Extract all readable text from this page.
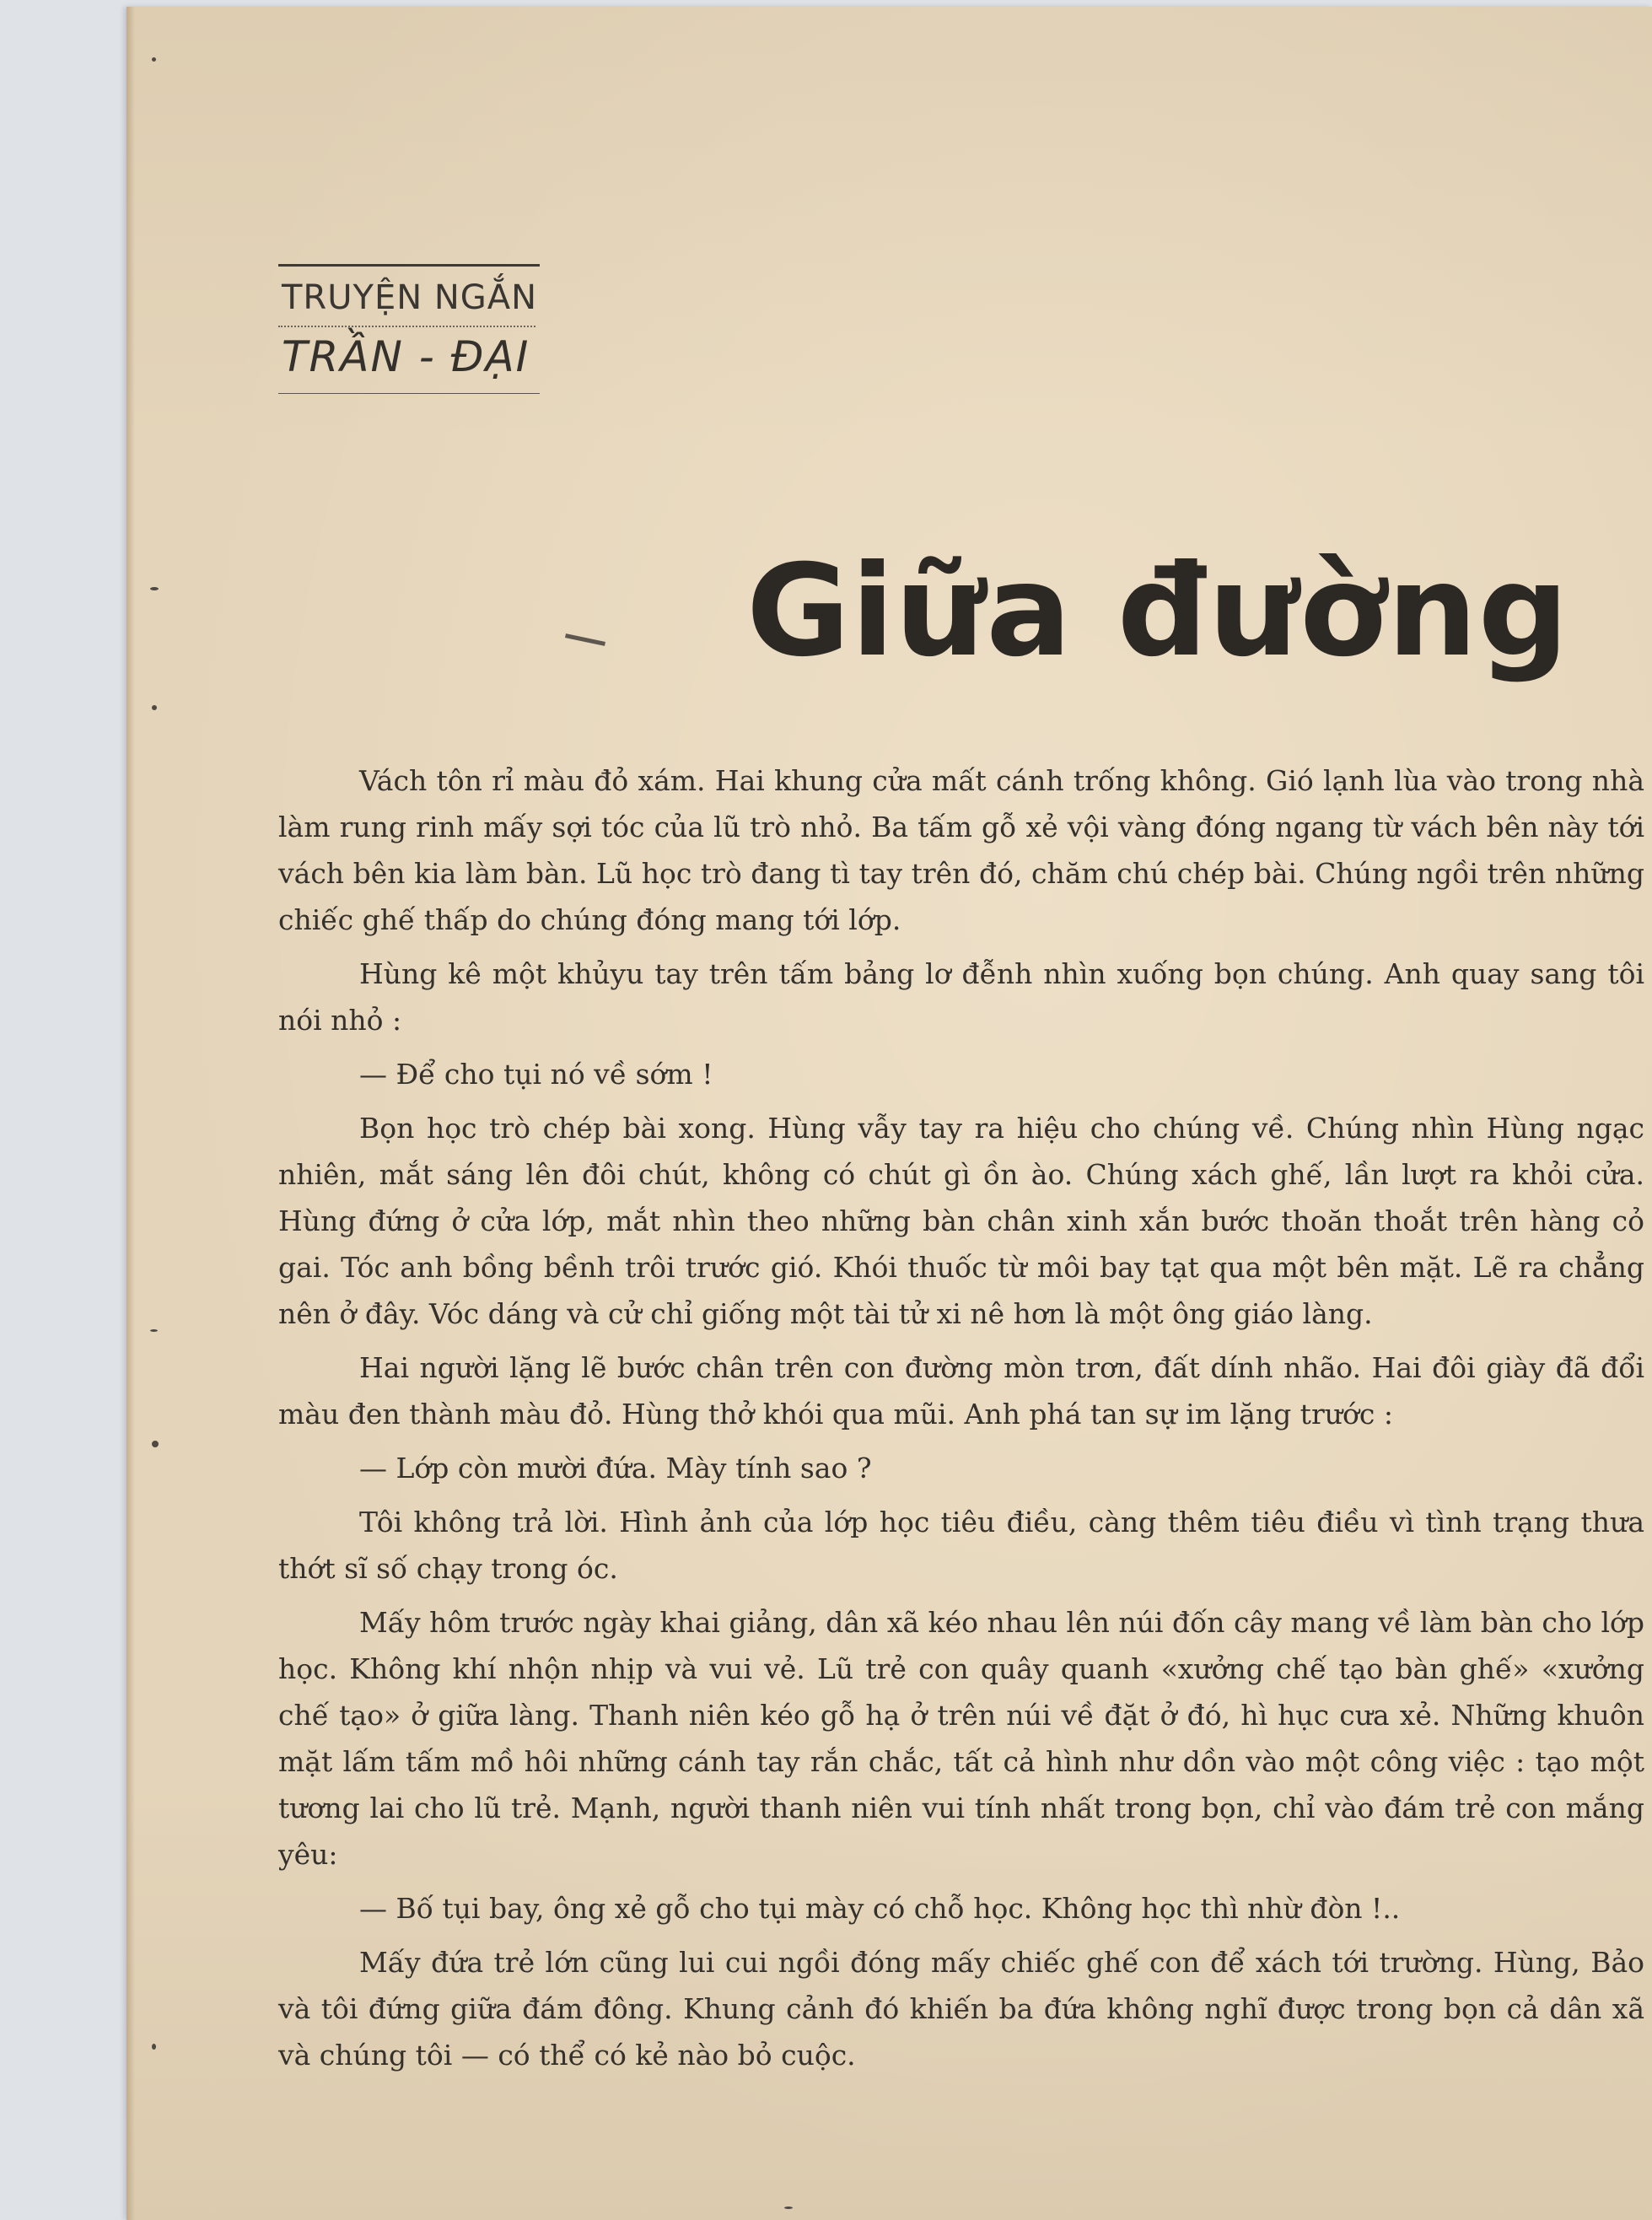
TRUYỆN NGẮN
TRẦN - ĐẠI
Giữa đường

Vách tôn rỉ màu đỏ xám. Hai khung cửa mất cánh trống không. Gió lạnh lùa vào trong nhà làm rung rinh mấy sợi tóc của lũ trò nhỏ. Ba tấm gỗ xẻ vội vàng đóng ngang từ vách bên này tới vách bên kia làm bàn. Lũ học trò đang tì tay trên đó, chăm chú chép bài. Chúng ngồi trên những chiếc ghế thấp do chúng đóng mang tới lớp.

Hùng kê một khủyu tay trên tấm bảng lơ đễnh nhìn xuống bọn chúng. Anh quay sang tôi nói nhỏ :

— Để cho tụi nó về sớm !

Bọn học trò chép bài xong. Hùng vẫy tay ra hiệu cho chúng về. Chúng nhìn Hùng ngạc nhiên, mắt sáng lên đôi chút, không có chút gì ồn ào. Chúng xách ghế, lần lượt ra khỏi cửa. Hùng đứng ở cửa lớp, mắt nhìn theo những bàn chân xinh xắn bước thoăn thoắt trên hàng cỏ gai. Tóc anh bồng bềnh trôi trước gió. Khói thuốc từ môi bay tạt qua một bên mặt. Lẽ ra chẳng nên ở đây. Vóc dáng và cử chỉ giống một tài tử xi nê hơn là một ông giáo làng.

Hai người lặng lẽ bước chân trên con đường mòn trơn, đất dính nhão. Hai đôi giày đã đổi màu đen thành màu đỏ. Hùng thở khói qua mũi. Anh phá tan sự im lặng trước :

— Lớp còn mười đứa. Mày tính sao ?

Tôi không trả lời. Hình ảnh của lớp học tiêu điều, càng thêm tiêu điều vì tình trạng thưa thớt sĩ số chạy trong óc.

Mấy hôm trước ngày khai giảng, dân xã kéo nhau lên núi đốn cây mang về làm bàn cho lớp học. Không khí nhộn nhịp và vui vẻ. Lũ trẻ con quây quanh «xưởng chế tạo bàn ghế» «xưởng chế tạo» ở giữa làng. Thanh niên kéo gỗ hạ ở trên núi về đặt ở đó, hì hục cưa xẻ. Những khuôn mặt lấm tấm mồ hôi những cánh tay rắn chắc, tất cả hình như dồn vào một công việc : tạo một tương lai cho lũ trẻ. Mạnh, người thanh niên vui tính nhất trong bọn, chỉ vào đám trẻ con mắng yêu:

— Bố tụi bay, ông xẻ gỗ cho tụi mày có chỗ học. Không học thì nhừ đòn !..

Mấy đứa trẻ lớn cũng lui cui ngồi đóng mấy chiếc ghế con để xách tới trường. Hùng, Bảo và tôi đứng giữa đám đông. Khung cảnh đó khiến ba đứa không nghĩ được trong bọn cả dân xã và chúng tôi — có thể có kẻ nào bỏ cuộc.
